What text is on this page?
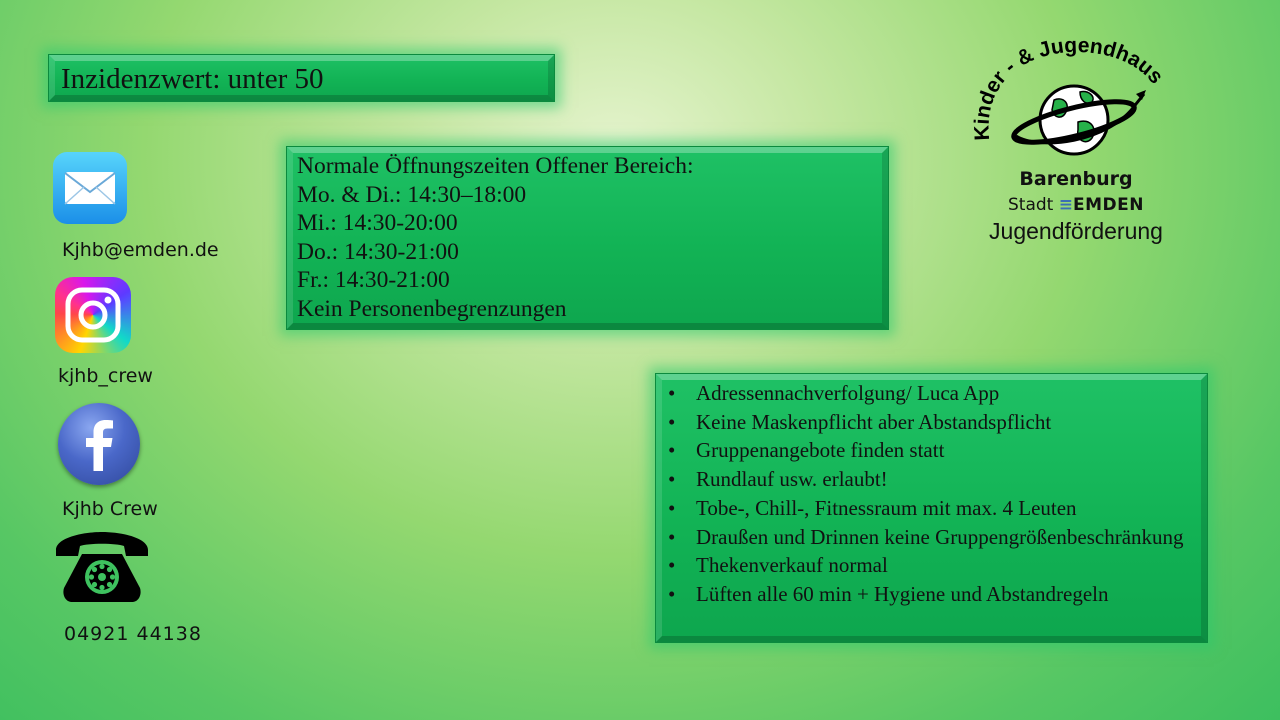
Inzidenzwert: unter 50
Normale Öffnungszeiten Offener Bereich:
Mo. & Di.: 14:30–18:00
Mi.: 14:30-20:00
Do.: 14:30-21:00
Fr.: 14:30-21:00
Kein Personenbegrenzungen
• Adressennachverfolgung/ Luca App
• Keine Maskenpflicht aber Abstandspflicht
• Gruppenangebote finden statt
• Rundlauf usw. erlaubt!
• Tobe-, Chill-, Fitnessraum mit max. 4 Leuten
• Draußen und Drinnen keine Gruppengrößenbeschränkung
• Thekenverkauf normal
• Lüften alle 60 min + Hygiene und Abstandregeln
Kjhb@emden.de
kjhb_crew
Kjhb Crew
04921 44138
Kinder - & Jugendhaus
Barenburg
Stadt ≡EMDEN
Jugendförderung
